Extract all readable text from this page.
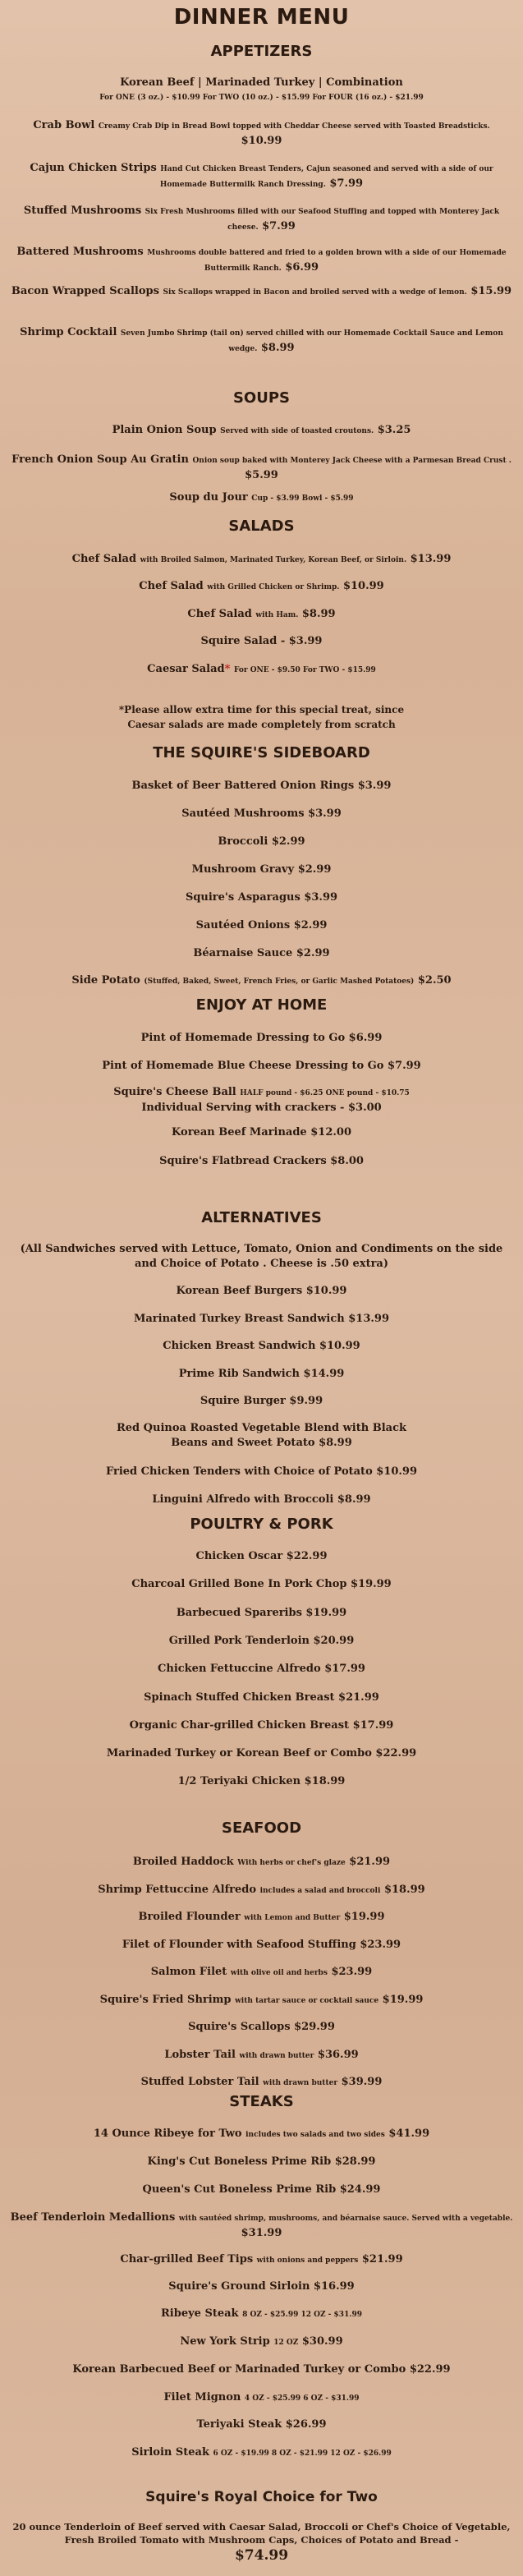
DINNER MENU
APPETIZERS
Korean Beef | Marinaded Turkey | Combination
For ONE (3 oz.) - $10.99 For TWO (10 oz.) - $15.99 For FOUR (16 oz.) - $21.99
Crab Bowl Creamy Crab Dip in Bread Bowl topped with Cheddar Cheese served with Toasted Breadsticks.
$10.99
Cajun Chicken Strips Hand Cut Chicken Breast Tenders, Cajun seasoned and served with a side of our Homemade Buttermilk Ranch Dressing. $7.99
Stuffed Mushrooms Six Fresh Mushrooms filled with our Seafood Stuffing and topped with Monterey Jack cheese. $7.99
Battered Mushrooms Mushrooms double battered and fried to a golden brown with a side of our Homemade Buttermilk Ranch. $6.99
Bacon Wrapped Scallops Six Scallops wrapped in Bacon and broiled served with a wedge of lemon. $15.99
Shrimp Cocktail Seven Jumbo Shrimp (tail on) served chilled with our Homemade Cocktail Sauce and Lemon wedge. $8.99
SOUPS
Plain Onion Soup Served with side of toasted croutons. $3.25
French Onion Soup Au Gratin Onion soup baked with Monterey Jack Cheese with a Parmesan Bread Crust . $5.99
Soup du Jour Cup - $3.99 Bowl - $5.99
SALADS
Chef Salad with Broiled Salmon, Marinated Turkey, Korean Beef, or Sirloin. $13.99
Chef Salad with Grilled Chicken or Shrimp. $10.99
Chef Salad with Ham. $8.99
Squire Salad - $3.99
Caesar Salad* For ONE - $9.50 For TWO - $15.99
*Please allow extra time for this special treat, since Caesar salads are made completely from scratch
THE SQUIRE'S SIDEBOARD
Basket of Beer Battered Onion Rings $3.99
Sautéed Mushrooms $3.99
Broccoli $2.99
Mushroom Gravy $2.99
Squire's Asparagus $3.99
Sautéed Onions $2.99
Béarnaise Sauce $2.99
Side Potato (Stuffed, Baked, Sweet, French Fries, or Garlic Mashed Potatoes) $2.50
ENJOY AT HOME
Pint of Homemade Dressing to Go $6.99
Pint of Homemade Blue Cheese Dressing to Go $7.99
Squire's Cheese Ball HALF pound - $6.25 ONE pound - $10.75
Individual Serving with crackers - $3.00
Korean Beef Marinade $12.00
Squire's Flatbread Crackers $8.00
ALTERNATIVES
(All Sandwiches served with Lettuce, Tomato, Onion and Condiments on the side and Choice of Potato . Cheese is .50 extra)
Korean Beef Burgers $10.99
Marinated Turkey Breast Sandwich $13.99
Chicken Breast Sandwich $10.99
Prime Rib Sandwich $14.99
Squire Burger $9.99
Red Quinoa Roasted Vegetable Blend with Black Beans and Sweet Potato $8.99
Fried Chicken Tenders with Choice of Potato $10.99
Linguini Alfredo with Broccoli $8.99
POULTRY & PORK
Chicken Oscar $22.99
Charcoal Grilled Bone In Pork Chop $19.99
Barbecued Spareribs $19.99
Grilled Pork Tenderloin $20.99
Chicken Fettuccine Alfredo $17.99
Spinach Stuffed Chicken Breast $21.99
Organic Char-grilled Chicken Breast $17.99
Marinaded Turkey or Korean Beef or Combo $22.99
1/2 Teriyaki Chicken $18.99
SEAFOOD
Broiled Haddock With herbs or chef's glaze $21.99
Shrimp Fettuccine Alfredo includes a salad and broccoli $18.99
Broiled Flounder with Lemon and Butter $19.99
Filet of Flounder with Seafood Stuffing $23.99
Salmon Filet with olive oil and herbs $23.99
Squire's Fried Shrimp with tartar sauce or cocktail sauce $19.99
Squire's Scallops $29.99
Lobster Tail with drawn butter $36.99
Stuffed Lobster Tail with drawn butter $39.99
STEAKS
14 Ounce Ribeye for Two includes two salads and two sides $41.99
King's Cut Boneless Prime Rib $28.99
Queen's Cut Boneless Prime Rib $24.99
Beef Tenderloin Medallions with sautéed shrimp, mushrooms, and béarnaise sauce. Served with a vegetable. $31.99
Char-grilled Beef Tips with onions and peppers $21.99
Squire's Ground Sirloin $16.99
Ribeye Steak 8 OZ - $25.99 12 OZ - $31.99
New York Strip 12 OZ $30.99
Korean Barbecued Beef or Marinaded Turkey or Combo $22.99
Filet Mignon 4 OZ - $25.99 6 OZ - $31.99
Teriyaki Steak $26.99
Sirloin Steak 6 OZ - $19.99 8 OZ - $21.99 12 OZ - $26.99
Squire's Royal Choice for Two
20 ounce Tenderloin of Beef served with Caesar Salad, Broccoli or Chef's Choice of Vegetable, Fresh Broiled Tomato with Mushroom Caps, Choices of Potato and Bread -
$74.99
